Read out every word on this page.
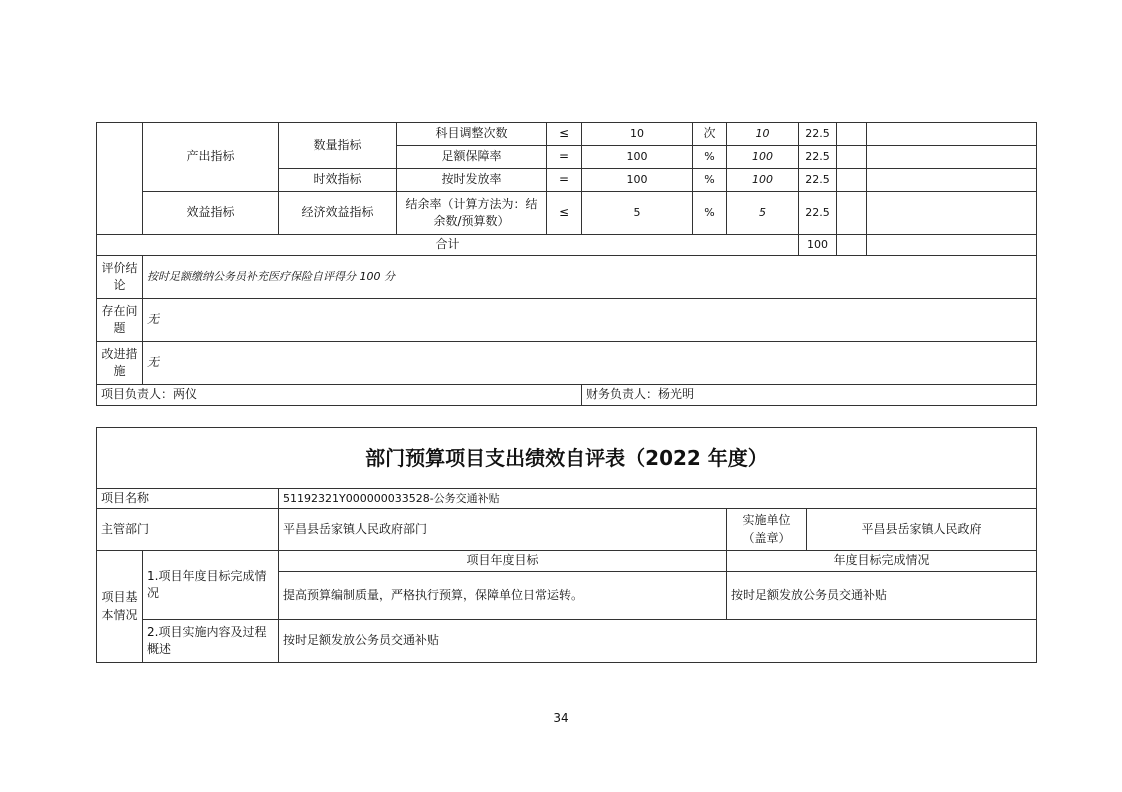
	产出指标	数量指标	科目调整次数	≤	10	次	10	22.5		
			足额保障率	=	100	%	100	22.5		
		时效指标	按时发放率	=	100	%	100	22.5		
	效益指标	经济效益指标	结余率（计算方法为：结余数/预算数）	≤	5	%	5	22.5		
合计								100		
评价结论	按时足额缴纳公务员补充医疗保险自评得分 100 分									
存在问题	无									
改进措施	无									
项目负责人：两仪					财务负责人：杨光明					
部门预算项目支出绩效自评表（2022 年度）				
项目名称		51192321Y000000033528-公务交通补贴		
主管部门		平昌县岳家镇人民政府部门	实施单位（盖章）	平昌县岳家镇人民政府
项目基本情况	1.项目年度目标完成情况	项目年度目标	年度目标完成情况	
		提高预算编制质量，严格执行预算，保障单位日常运转。	按时足额发放公务员交通补贴	
	2.项目实施内容及过程概述	按时足额发放公务员交通补贴		
34
